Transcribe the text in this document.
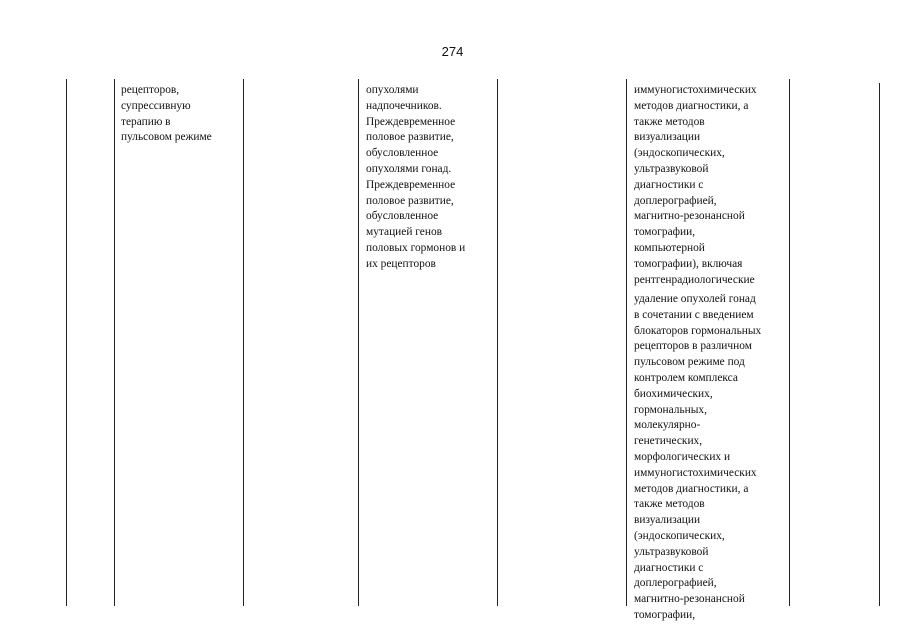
274
рецепторов,
супрессивную
терапию в
пульсовом режиме
опухолями
надпочечников.
Преждевременное
половое развитие,
обусловленное
опухолями гонад.
Преждевременное
половое развитие,
обусловленное
мутацией генов
половых гормонов и
их рецепторов
иммуногистохимических
методов диагностики, а
также методов
визуализации
(эндоскопических,
ультразвуковой
диагностики с
доплерографией,
магнитно-резонансной
томографии,
компьютерной
томографии), включая
рентгенрадиологические
удаление опухолей гонад
в сочетании с введением
блокаторов гормональных
рецепторов в различном
пульсовом режиме под
контролем комплекса
биохимических,
гормональных,
молекулярно-
генетических,
морфологических и
иммуногистохимических
методов диагностики, а
также методов
визуализации
(эндоскопических,
ультразвуковой
диагностики с
доплерографией,
магнитно-резонансной
томографии,
